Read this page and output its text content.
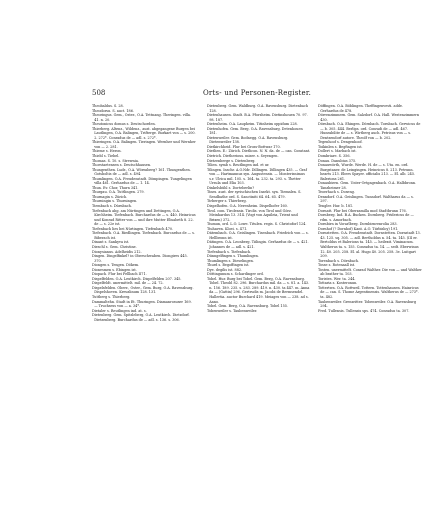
508	Orts- und Personen-Register.
Theobaldus. S. 28.
Theodorus. S. auct. 186.
Theoringus. Gem., Oster., O.A. Tettnang. Theringen. villa. 41. n. 20.
Theutonicus domus s. Deutschorden.
Thierberg. Altenz., Wildenz., aust. abgegangene Burgen bei Lautlingen, O.A. Balingen, Trifterge. Burkart von — s. 200. 2. 272*. Conradus de — adl. s. 272*.
Thieringen. O.A. Balingen. Tieringen. Wernher und Wernher von — 2. 281.
Thieme s. Heron.
Thiebl s. Tiebel.
Thomas. S. 10. s. Strewnia.
Thorstaetensen s. Deutschhausen.
Thungenthen. Ludr., O.A. Wörnsberg? 161. Thungenthen. Gotsboltis de — adl. s. 494.
Thumlingen. O.A. Freudenstadt. Dömpingen. Tungelingen villa 461. Gerhardus de — 1. 14.
Thun. Ev. Chor, Thurn 341.
Thurgau. O.A. Tuttlingen. 279.
Thurnagin s. Zürich.
Thurningin s. Thurningen.
Tiembach s. Dürnbach.
Tiefenbach abg. am Nürtingen und Dettingen, O.A. Kirchheim. Tiefenbach. Burchardus de — s. 440. Heinricus und Konrad Ritter von — und ihre Mutter Elisabeth 8. 22. de — s. 22e ist.
Tiefenbach lies bei Nürtingen. Tiefenbach 470.
Tiefenbach. O.A. Riedlingen. Tiefenbach. Burcardus de — s. Biberach ist.
Dinant s. Sankyva ist.
Dieschl s. Gem. Christine.
Dionysianus. Adelheidis 212.
Dingen. Dingelfinkel? in Oberschwaben. Diongires 445. 370.
Diongen s. Tengen. Dökem.
Dionesmen s. Ebingen ist.
Diopach. Flur bei Fellbach II71.
Dispelfelden. O.A. Leutkirch. Dispelfelden 207. 345.
Dispelfeldt. unermittelt. mil. de — 24. 72.
Dispelsfelden. Oberr., Oster., Gem. Burg, O.A. Ravensburg. Dispelshoven. Kreuzlinum 128. 131.
Tuttberg s. Thierberg.
Dammaltehn. Stadt in Et. Thuringen. Diamanrosuser 169. — Truchsess von — a. 34*.
Dietaler s. Reutlingen ind. at. s.
Dietenberg. Gem. Spitzleberg, O.A. Leutkirch. Dietzdorf. Dietzenberg. Burchardus de — adl. s. 136. s. 306.
Dietenberg. Gem. Waldburg. O.A. Ravensburg. Dietenbach 128.
Dietenhausen. Stadt. B.A. Pforzheim. Dietinshouen 70. 97. 98. 187.
Dietenheim. O.A. Laupheim. Titinheim oppidum 228.
Dietenhofen. Gem. Berg. O.A. Ravensburg. Detenhouen 181.
Dietenweiler. Gem. Bodnegg. O.A. Ravensburg. Dietenweiler 138.
Dietkirchheid. Flur bei Gross-Bottwar 170.
Dietlien. E.: Zürich. Dietlicon. N. N. da. de — can. Constant.
Dietrich. Dietherious. miser. s. Seyengen.
Dietzenberge s. Dietenberg.
Tilien. symb s. Reutlingen ind. et ur.
Tilingen. Inschr. A.O.Ndr. Dillingen. Dillingen 435. — Graf von — Hartmannus syn. Augustensis. — Monterisnimus s.r. Ulrica mil. 105. s. 164. ta. 232. ta. 293. s. Thetter Ursula und Elia 103.
Dinkelsbühl s. Dorteberlin?
Tines. aust. der syrischischen Insekt. syn. Tiemnlen. S. Sendbathe ord. S. Sanctiniti 64. 64. 65. 479.
Tirberger s. Thierberg.
Dispelhofen. O.A. Nerenheim. Dispelhofer 160.
Tirol. com. Tirolensis. Tirolis. von Tirol und Görz. Meinhardus 13. 314. (Vogt von Aquileia, Trient und Brixen) 372.
Tiumun, ord. L.O. Lowe. Titulen. regis. S. Christoforl 124.
Tiuhaven. Kloei. s. 471.
Dätembach. O.A. Geislingen. Tisenbach. Friedrich von — s. Hellbronn ist.
Dätingen. O.A. Leonberg. Tiilingin. Gerhardus de — s. 421. Johannes de — adl. s. 421.
Tiefenbach s. Tiefenbach.
Dünngelfingen s. Thumlingen.
Thumlingen s. Dieselingen.
Thurd s. Begoffingen ist.
Dye. degilis ist. 882.
Döttingunum s. Schardinger ord.
Tobel. Hur. Burg bei Tobel. Gem. Berg, O.A. Ravensburg. Tobel. Theobl 82. 296. Burchardus mil. da — s. 81. a. 143. n. 156. 189. 235. s. 283. 289. 419. n. 430. ta 447. m. Anna da — (Gattin) 296. Gertrudis m. Jacobi de Bermsendel. Hallertia. auctor Burchard 419. Meiages von — 238. ad s. Anno.
Tobel. Gem. Berg, O.A. Ravensburg. Tobel 155.
Tobenweiler s. Taubenweiler.
Döffingen. O.A. Böblingen. Theffingenvesti. adde. Gerhardus de 478.
Dörrenzimmern. Gem. Salzdorf. O.A. Hall. Westenzimmern 430.
Dörnbach. O.A. Ehingen. Dörnbach. Tornbach. Gerwicus de — b. 305. 444. Berlips. ord. Conradi de — adl. 467. Hunrabilite de — s. Wirtberg auch. Petrisus von — s. Dentzendorf autore. Theolf von — b. 202.
Tegenhoof s. Dengenhoof.
Toikinlen s. Begfingen ist.
Dollert s. Marbach ist.
Dombriare. S. 356.
Donau. Danubius 375.
Donauwörth, Wurde. Werde. H. de — s. Uta. en. ord. Burgstaner. de Leingingen. Heinricus 8. 213. Petrunn. hearts 213. Ebers Spayer. officialis 213. — El. alb. 245. Balerions 261.
Donaubiern. Gem. Unter-Ortgagenbach. O.A. Halbbronn. Tanzheimer 28.
Teoerhach s. Doseng.
Denndorf. O.A. Geislingen. Tunndorf. Waltharus da — s. 297.
Tengler. Hur. b. 181.
Dornatt. Flur bei Oberzamilla mod Stadtbrunn 176.
Dornberg. Ind. B.A. Bucken. Dornberg. Fridericus de — rdm. s. Amorbach.
Dornbirn in Vorarlberg. Dornbirnrenrolia 283.
Dornhof (? Dornhof) Kant. A.O. Tiirbisloy) 191.
Dornstetten. O.A. Freudenstadt. Dornstetten. Dornstadt 13. 43. 125. sq. 305. — adl. Bertholdus n. 54. ta. 145. (III er. Bertoldus et Balerions ta. 145. — heilexit. Viminacum. Waltherus ta. s. 155. Conradus ta. 14. — sedt. Eberwinus 12. 40. 205. 258. El. al. Hugo 40. 205. 258. 3e. Luitgart 209.
Torenbach s. Dörnbach.
Tosse s. Rotenaall ist.
Tosten. unermittelt. Conrad Walther. Die von — und Walther ab brather ta. 103.
Toristes. Wer. ta. 244.
Tottaria s. Kosteronun.
Tottertwa. O.A. Rottweil. Tottern. Tottenhausen. Hainricus de — can. S. Thome Argentinensis. Waltherus de — 273*. ta. 482.
Taubenweiler. Grenzritter. Tobenweiler. O.A. Ravensburg 294.
Fred. Tullensis. Tullensis sps. 474. Conradus ta. 307.
